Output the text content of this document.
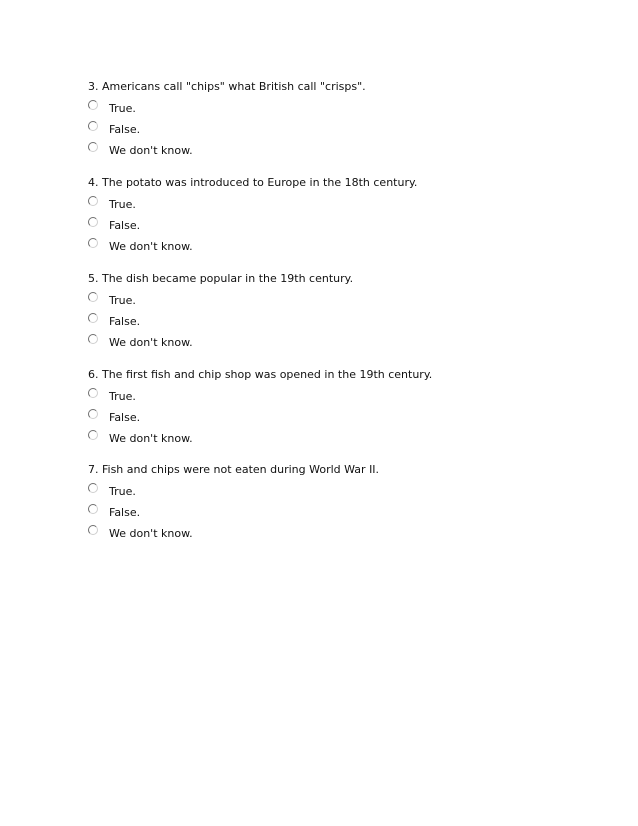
3. Americans call "chips" what British call "crisps".
True.
False.
We don't know.
4. The potato was introduced to Europe in the 18th century.
True.
False.
We don't know.
5. The dish became popular in the 19th century.
True.
False.
We don't know.
6. The first fish and chip shop was opened in the 19th century.
True.
False.
We don't know.
7. Fish and chips were not eaten during World War II.
True.
False.
We don't know.
